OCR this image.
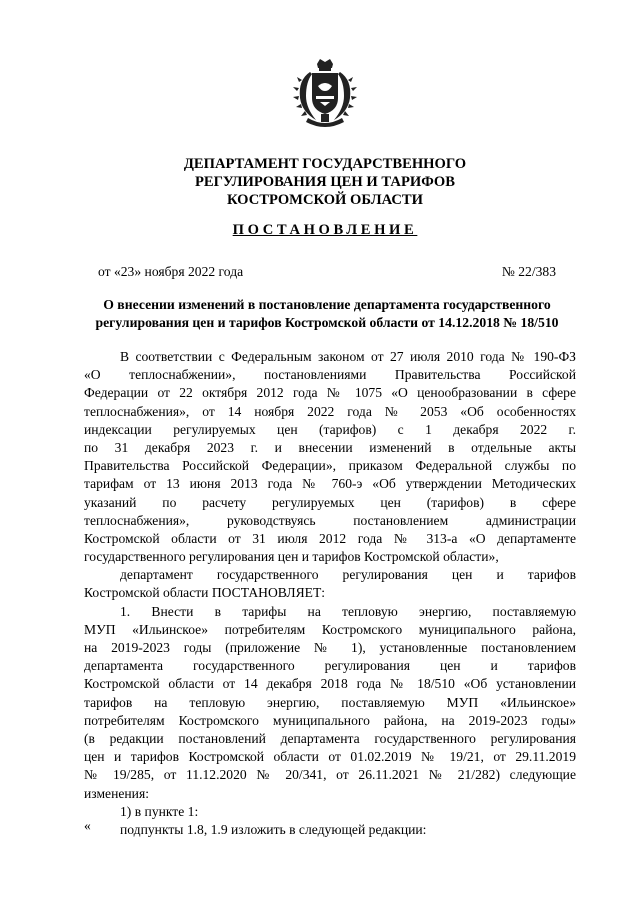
ДЕПАРТАМЕНТ ГОСУДАРСТВЕННОГО
РЕГУЛИРОВАНИЯ ЦЕН И ТАРИФОВ
КОСТРОМСКОЙ ОБЛАСТИ
ПОСТАНОВЛЕНИЕ
от «23» ноября 2022 года	№ 22/383
О внесении изменений в постановление департамента государственного
регулирования цен и тарифов Костромской области от 14.12.2018 № 18/510
В соответствии с Федеральным законом от 27 июля 2010 года № 190-ФЗ
«О теплоснабжении», постановлениями Правительства Российской
Федерации от 22 октября 2012 года № 1075 «О ценообразовании в сфере
теплоснабжения», от 14 ноября 2022 года № 2053 «Об особенностях
индексации регулируемых цен (тарифов) с 1 декабря 2022 г.
по 31 декабря 2023 г. и внесении изменений в отдельные акты
Правительства Российской Федерации», приказом Федеральной службы по
тарифам от 13 июня 2013 года № 760-э «Об утверждении Методических
указаний по расчету регулируемых цен (тарифов) в сфере
теплоснабжения», руководствуясь постановлением администрации
Костромской области от 31 июля 2012 года № 313-а «О департаменте
государственного регулирования цен и тарифов Костромской области»,
департамент государственного регулирования цен и тарифов
Костромской области ПОСТАНОВЛЯЕТ:
1. Внести в тарифы на тепловую энергию, поставляемую
МУП «Ильинское» потребителям Костромского муниципального района,
на 2019-2023 годы (приложение № 1), установленные постановлением
департамента государственного регулирования цен и тарифов
Костромской области от 14 декабря 2018 года № 18/510 «Об установлении
тарифов на тепловую энергию, поставляемую МУП «Ильинское»
потребителям Костромского муниципального района, на 2019-2023 годы»
(в редакции постановлений департамента государственного регулирования
цен и тарифов Костромской области от 01.02.2019 № 19/21, от 29.11.2019
№ 19/285, от 11.12.2020 № 20/341, от 26.11.2021 № 21/282) следующие
изменения:
1) в пункте 1:
подпункты 1.8, 1.9 изложить в следующей редакции:
«
